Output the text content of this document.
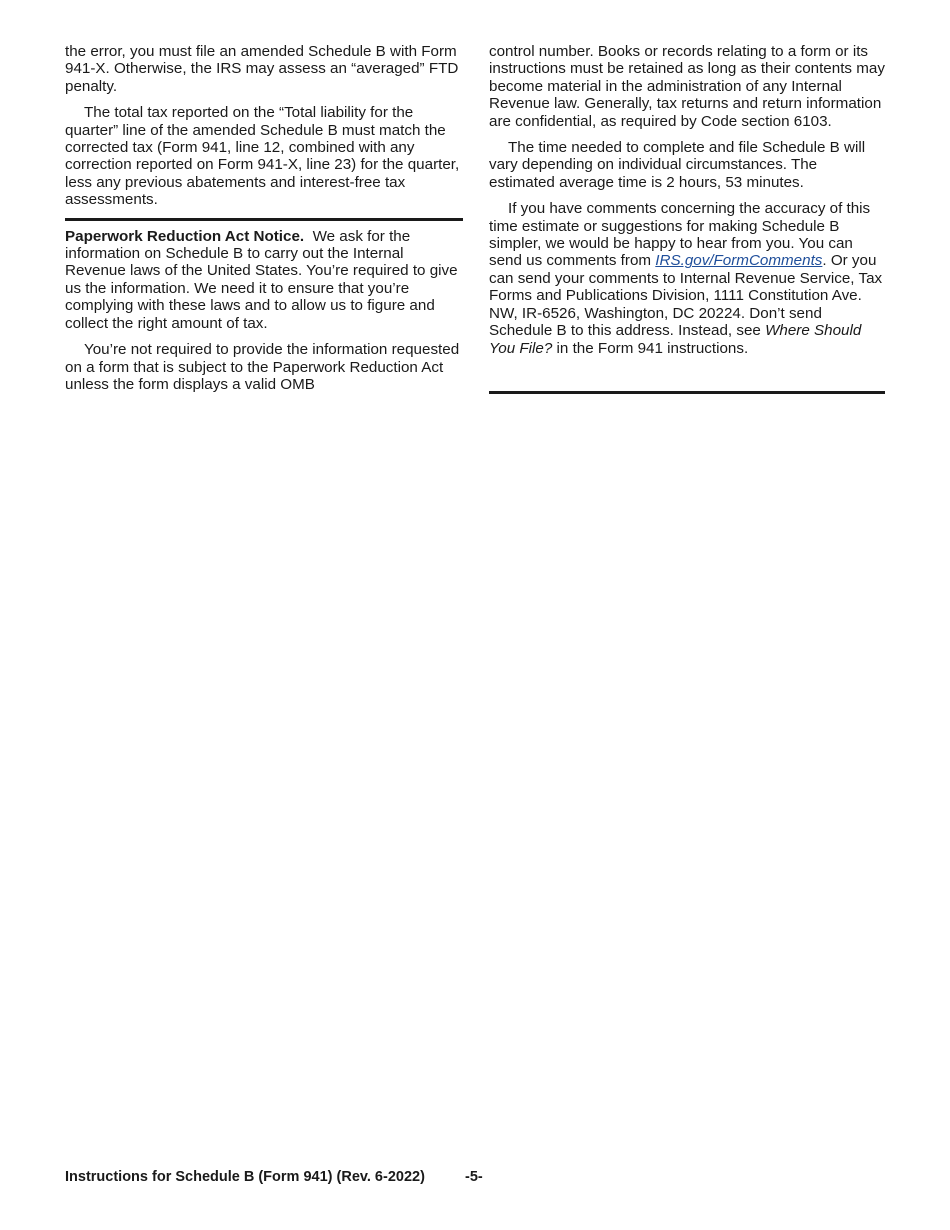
the error, you must file an amended Schedule B with Form 941-X. Otherwise, the IRS may assess an “averaged” FTD penalty.

The total tax reported on the “Total liability for the quarter” line of the amended Schedule B must match the corrected tax (Form 941, line 12, combined with any correction reported on Form 941-X, line 23) for the quarter, less any previous abatements and interest-free tax assessments.

Paperwork Reduction Act Notice. We ask for the information on Schedule B to carry out the Internal Revenue laws of the United States. You’re required to give us the information. We need it to ensure that you’re complying with these laws and to allow us to figure and collect the right amount of tax.

You’re not required to provide the information requested on a form that is subject to the Paperwork Reduction Act unless the form displays a valid OMB

control number. Books or records relating to a form or its instructions must be retained as long as their contents may become material in the administration of any Internal Revenue law. Generally, tax returns and return information are confidential, as required by Code section 6103.

The time needed to complete and file Schedule B will vary depending on individual circumstances. The estimated average time is 2 hours, 53 minutes.

If you have comments concerning the accuracy of this time estimate or suggestions for making Schedule B simpler, we would be happy to hear from you. You can send us comments from IRS.gov/FormComments. Or you can send your comments to Internal Revenue Service, Tax Forms and Publications Division, 1111 Constitution Ave. NW, IR-6526, Washington, DC 20224. Don’t send Schedule B to this address. Instead, see Where Should You File? in the Form 941 instructions.

Instructions for Schedule B (Form 941) (Rev. 6-2022)	-5-
